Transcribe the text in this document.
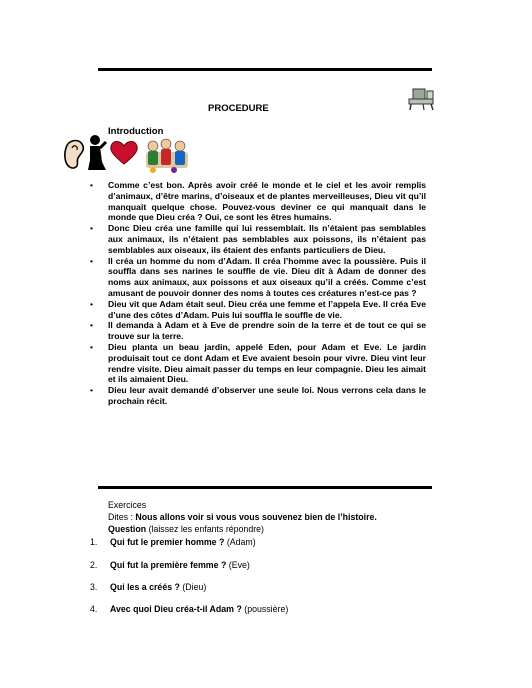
PROCEDURE
Introduction
• Comme c’est bon. Après avoir créé le monde et le ciel et les avoir remplis d’animaux, d’être marins, d’oiseaux et de plantes merveilleuses, Dieu vit qu’il manquait quelque chose. Pouvez-vous deviner ce qui manquait dans le monde que Dieu créa ? Oui, ce sont les êtres humains.
• Donc Dieu créa une famille qui lui ressemblait. Ils n’étaient pas semblables aux animaux, ils n’étaient pas semblables aux poissons, ils n’étaient pas semblables aux oiseaux, ils étaient des enfants particuliers de Dieu.
• Il créa un homme du nom d’Adam. Il créa l’homme avec la poussière. Puis il souffla dans ses narines le souffle de vie. Dieu dit à Adam de donner des noms aux animaux, aux poissons et aux oiseaux qu’il a créés. Comme c’est amusant de pouvoir donner des noms à toutes ces créatures n’est-ce pas ?
• Dieu vit que Adam était seul. Dieu créa une femme et l’appela Eve. Il créa Eve d’une des côtes d’Adam. Puis lui souffla le souffle de vie.
• Il demanda à Adam et à Eve de prendre soin de la terre et de tout ce qui se trouve sur la terre.
• Dieu planta un beau jardin, appelé Eden, pour Adam et Eve. Le jardin produisait tout ce dont Adam et Eve avaient besoin pour vivre. Dieu vint leur rendre visite. Dieu aimait passer du temps en leur compagnie. Dieu les aimait et ils aimaient Dieu.
• Dieu leur avait demandé d’observer une seule loi. Nous verrons cela dans le prochain récit.
Exercices
Dites : Nous allons voir si vous vous souvenez bien de l’histoire.
Question (laissez les enfants répondre)
1. Qui fut le premier homme ? (Adam)
2. Qui fut la première femme ? (Eve)
3. Qui les a créés ? (Dieu)
4. Avec quoi Dieu créa-t-il Adam ? (poussière)
